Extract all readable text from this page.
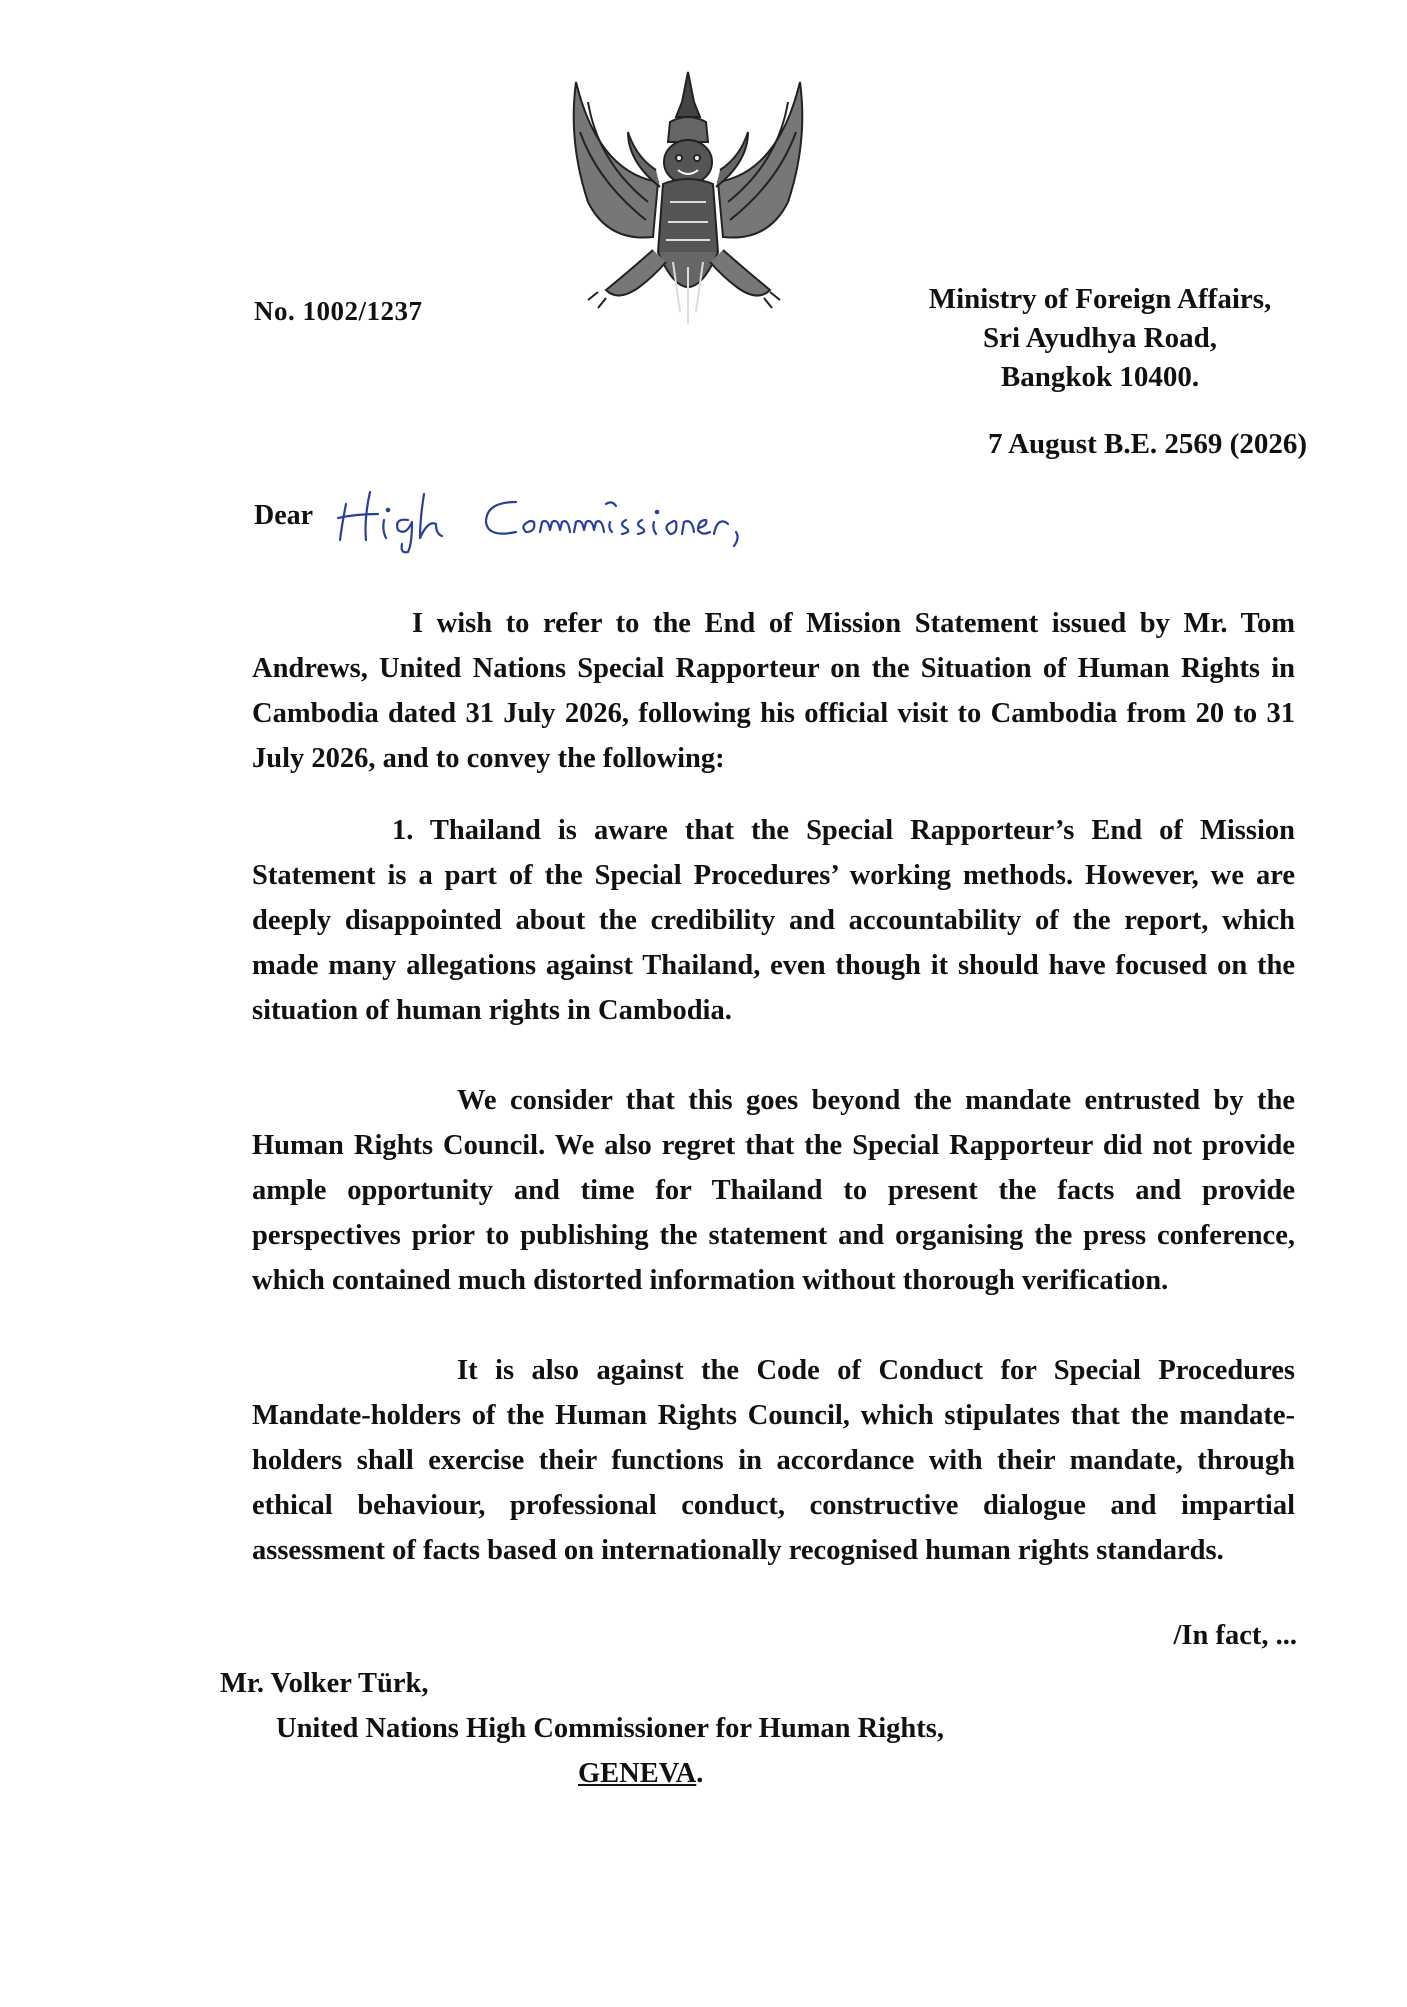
No. 1002/1237	Ministry of Foreign Affairs,
Sri Ayudhya Road,
Bangkok 10400.
7 August B.E. 2569 (2026)
Dear

I wish to refer to the End of Mission Statement issued by Mr. Tom Andrews, United Nations Special Rapporteur on the Situation of Human Rights in Cambodia dated 31 July 2026, following his official visit to Cambodia from 20 to 31 July 2026, and to convey the following:

1. Thailand is aware that the Special Rapporteur’s End of Mission Statement is a part of the Special Procedures’ working methods. However, we are deeply disappointed about the credibility and accountability of the report, which made many allegations against Thailand, even though it should have focused on the situation of human rights in Cambodia.

We consider that this goes beyond the mandate entrusted by the Human Rights Council. We also regret that the Special Rapporteur did not provide ample opportunity and time for Thailand to present the facts and provide perspectives prior to publishing the statement and organising the press conference, which contained much distorted information without thorough verification.

It is also against the Code of Conduct for Special Procedures Mandate-holders of the Human Rights Council, which stipulates that the mandate-holders shall exercise their functions in accordance with their mandate, through ethical behaviour, professional conduct, constructive dialogue and impartial assessment of facts based on internationally recognised human rights standards.

/In fact, ...
Mr. Volker Türk,
United Nations High Commissioner for Human Rights,
GENEVA.
